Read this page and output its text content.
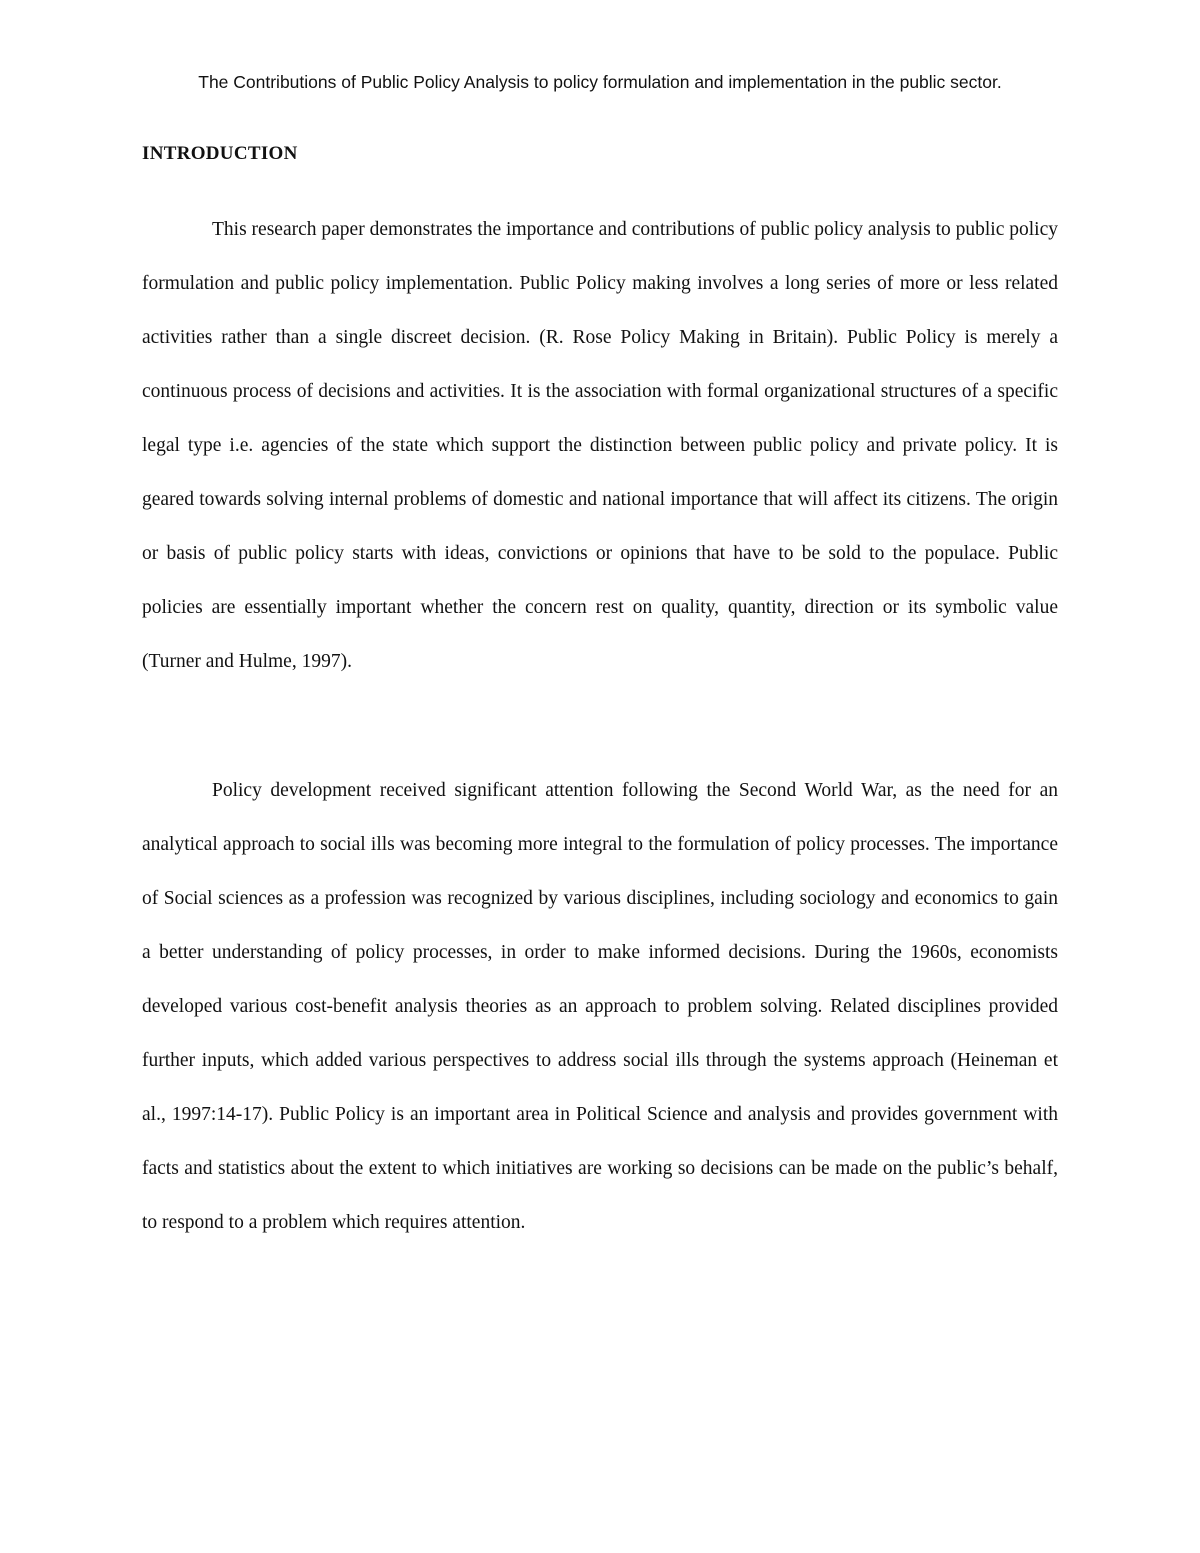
The Contributions of Public Policy Analysis to policy formulation and implementation in the public sector.
INTRODUCTION

This research paper demonstrates the importance and contributions of public policy analysis to public policy formulation and public policy implementation. Public Policy making involves a long series of more or less related activities rather than a single discreet decision. (R. Rose Policy Making in Britain). Public Policy is merely a continuous process of decisions and activities. It is the association with formal organizational structures of a specific legal type i.e. agencies of the state which support the distinction between public policy and private policy. It is geared towards solving internal problems of domestic and national importance that will affect its citizens. The origin or basis of public policy starts with ideas, convictions or opinions that have to be sold to the populace. Public policies are essentially important whether the concern rest on quality, quantity, direction or its symbolic value (Turner and Hulme, 1997).

Policy development received significant attention following the Second World War, as the need for an analytical approach to social ills was becoming more integral to the formulation of policy processes. The importance of Social sciences as a profession was recognized by various disciplines, including sociology and economics to gain a better understanding of policy processes, in order to make informed decisions. During the 1960s, economists developed various cost-benefit analysis theories as an approach to problem solving. Related disciplines provided further inputs, which added various perspectives to address social ills through the systems approach (Heineman et al., 1997:14-17). Public Policy is an important area in Political Science and analysis and provides government with facts and statistics about the extent to which initiatives are working so decisions can be made on the public’s behalf, to respond to a problem which requires attention.
